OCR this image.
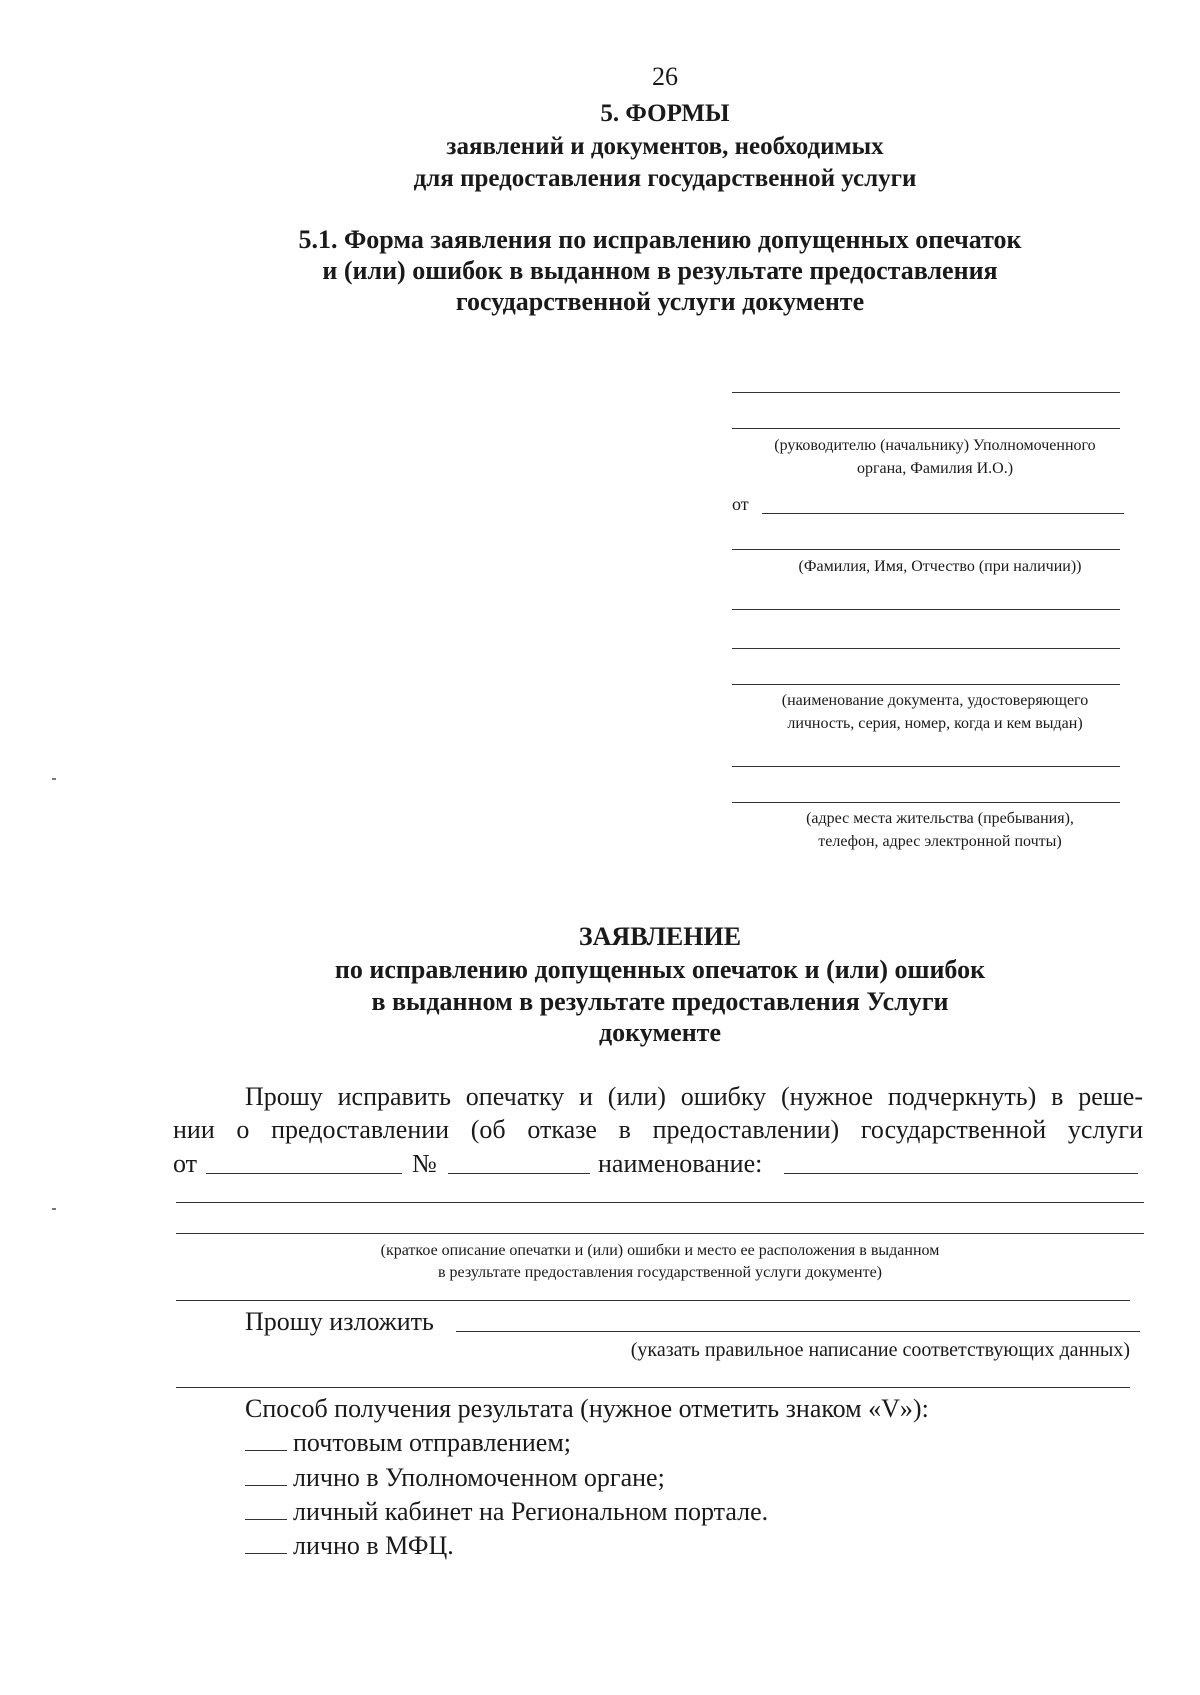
26
5. ФОРМЫ
заявлений и документов, необходимых
для предоставления государственной услуги
5.1. Форма заявления по исправлению допущенных опечаток
и (или) ошибок в выданном в результате предоставления
государственной услуги документе
(руководителю (начальнику) Уполномоченного
органа, Фамилия И.О.)
от
(Фамилия, Имя, Отчество (при наличии))
(наименование документа, удостоверяющего
личность, серия, номер, когда и кем выдан)
(адрес места жительства (пребывания),
телефон, адрес электронной почты)
ЗАЯВЛЕНИЕ
по исправлению допущенных опечаток и (или) ошибок
в выданном в результате предоставления Услуги
документе
Прошу исправить опечатку и (или) ошибку (нужное подчеркнуть) в реше-
нии о предоставлении (об отказе в предоставлении) государственной услуги
от	№	наименование:
(краткое описание опечатки и (или) ошибки и место ее расположения в выданном
в результате предоставления государственной услуги документе)
Прошу изложить
(указать правильное написание соответствующих данных)
Способ получения результата (нужное отметить знаком «V»):
почтовым отправлением;
лично в Уполномоченном органе;
личный кабинет на Региональном портале.
лично в МФЦ.
